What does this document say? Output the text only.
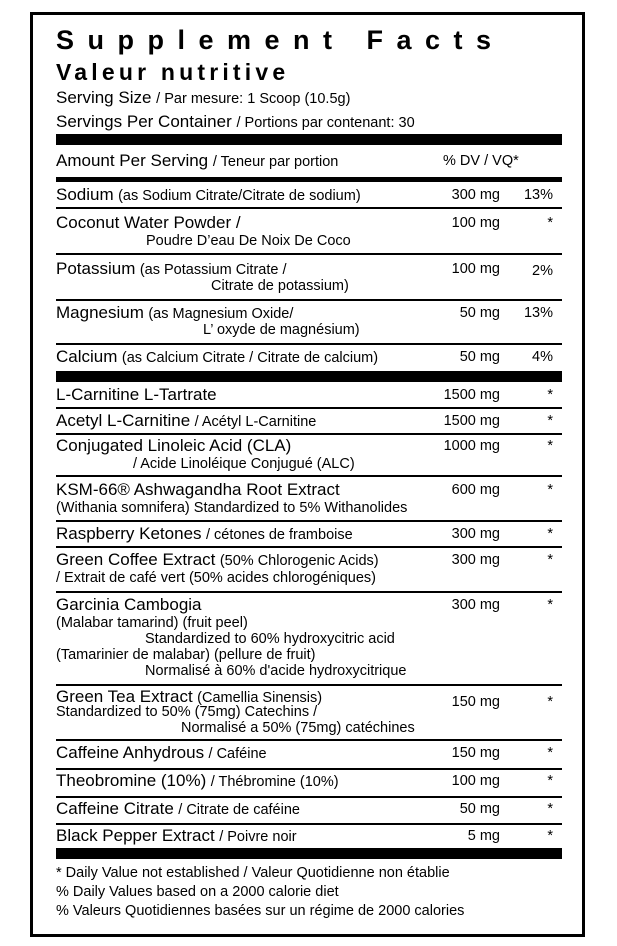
Supplement Facts
Valeur nutritive
Serving Size / Par mesure: 1 Scoop (10.5g)
Servings Per Container / Portions par contenant: 30
Amount Per Serving / Teneur par portion	% DV / VQ*
Sodium (as Sodium Citrate/Citrate de sodium)	300 mg	13%
Coconut Water Powder /
Poudre D’eau De Noix De Coco
100 mg	*
Potassium (as Potassium Citrate /
Citrate de potassium)
100 mg	2%
Magnesium (as Magnesium Oxide/
L’ oxyde de magnésium)
50 mg	13%
Calcium (as Calcium Citrate / Citrate de calcium)	50 mg	4%
L-Carnitine L-Tartrate	1500 mg	*
Acetyl L-Carnitine / Acétyl L-Carnitine	1500 mg	*
Conjugated Linoleic Acid (CLA)
/ Acide Linoléique Conjugué (ALC)
1000 mg	*
KSM-66® Ashwagandha Root Extract
(Withania somnifera) Standardized to 5% Withanolides
600 mg	*
Raspberry Ketones / cétones de framboise	300 mg	*
Green Coffee Extract (50% Chlorogenic Acids)
/ Extrait de café vert (50% acides chlorogéniques)
300 mg	*
Garcinia Cambogia
(Malabar tamarind) (fruit peel)
Standardized to 60% hydroxycitric acid
(Tamarinier de malabar) (pellure de fruit)
Normalisé à 60% d'acide hydroxycitrique
300 mg	*
Green Tea Extract (Camellia Sinensis)
Standardized to 50% (75mg) Catechins /
Normalisé a 50% (75mg) catéchines
150 mg	*
Caffeine Anhydrous / Caféine	150 mg	*
Theobromine (10%) / Thébromine (10%)	100 mg	*
Caffeine Citrate / Citrate de caféine	50 mg	*
Black Pepper Extract / Poivre noir	5 mg	*
* Daily Value not established / Valeur Quotidienne non établie
% Daily Values based on a 2000 calorie diet
% Valeurs Quotidiennes basées sur un régime de 2000 calories
